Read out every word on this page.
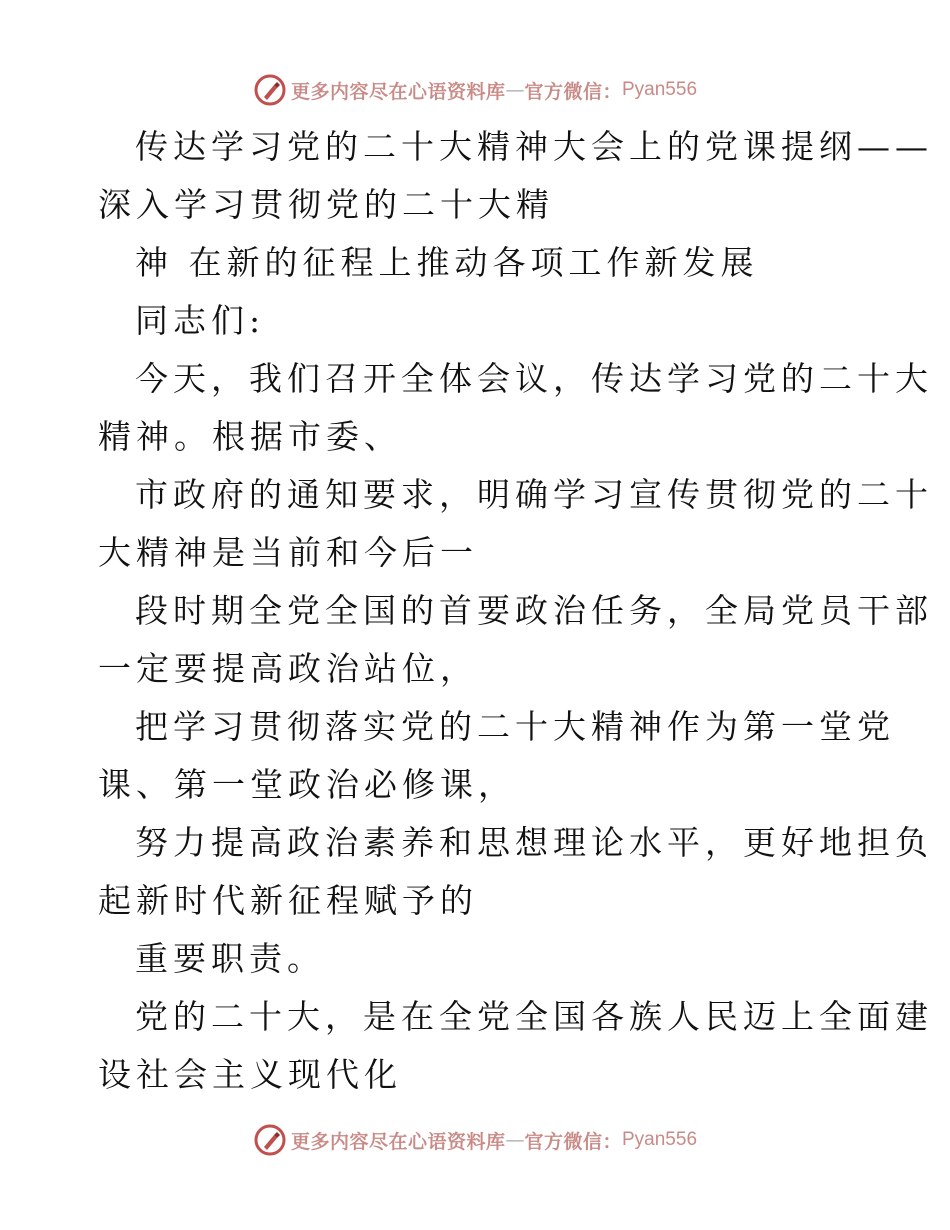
更多内容尽在心语资料库 — 官方微信： Pyan556
传达学习党的二十大精神大会上的党课提纲——
深入学习贯彻党的二十大精
神 在新的征程上推动各项工作新发展
同志们:
今天，我们召开全体会议，传达学习党的二十大
精神。根据市委、
市政府的通知要求，明确学习宣传贯彻党的二十
大精神是当前和今后一
段时期全党全国的首要政治任务，全局党员干部
一定要提高政治站位，
把学习贯彻落实党的二十大精神作为第一堂党
课、第一堂政治必修课，
努力提高政治素养和思想理论水平，更好地担负
起新时代新征程赋予的
重要职责。
党的二十大，是在全党全国各族人民迈上全面建
设社会主义现代化
更多内容尽在心语资料库 — 官方微信： Pyan556
